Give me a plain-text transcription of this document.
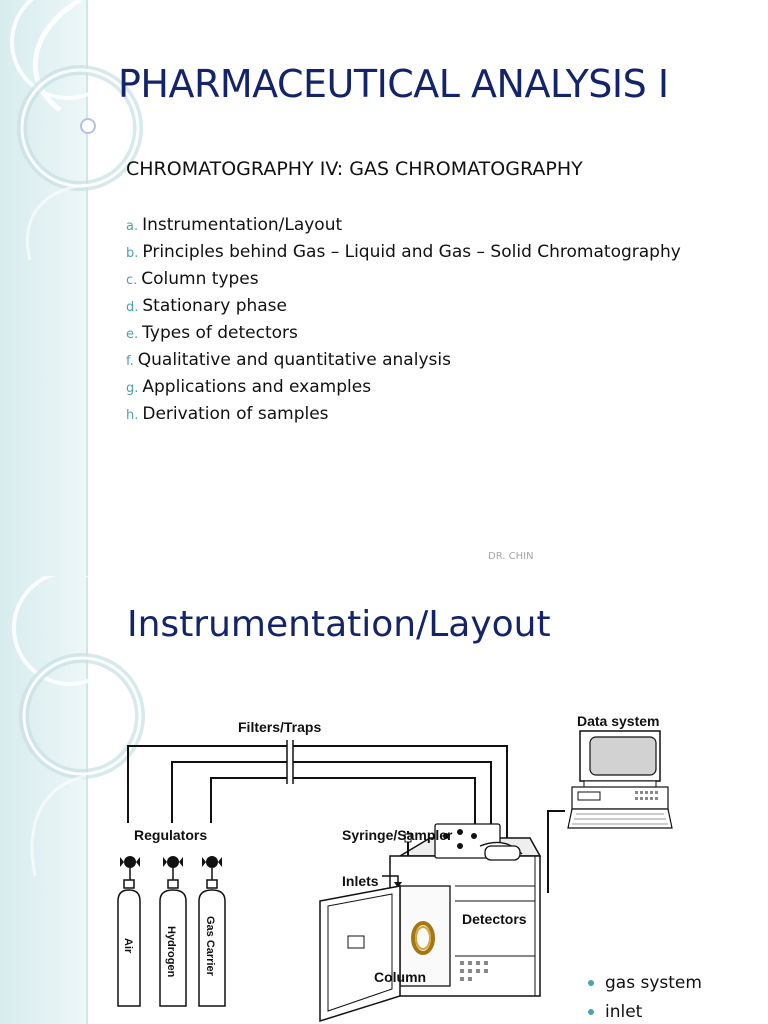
PHARMACEUTICAL ANALYSIS I
CHROMATOGRAPHY IV: GAS CHROMATOGRAPHY
a. Instrumentation/Layout
b. Principles behind Gas – Liquid and Gas – Solid Chromatography
c. Column types
d. Stationary phase
e. Types of detectors
f. Qualitative and quantitative analysis
g. Applications and examples
h. Derivation of samples
DR. CHIN
Instrumentation/Layout
Filters/Traps	Data system
Regulators
Air	Hydrogen Gas Carrier
Syringe/Sampler
Inlets
Detectors
Column	gas system
inlet
